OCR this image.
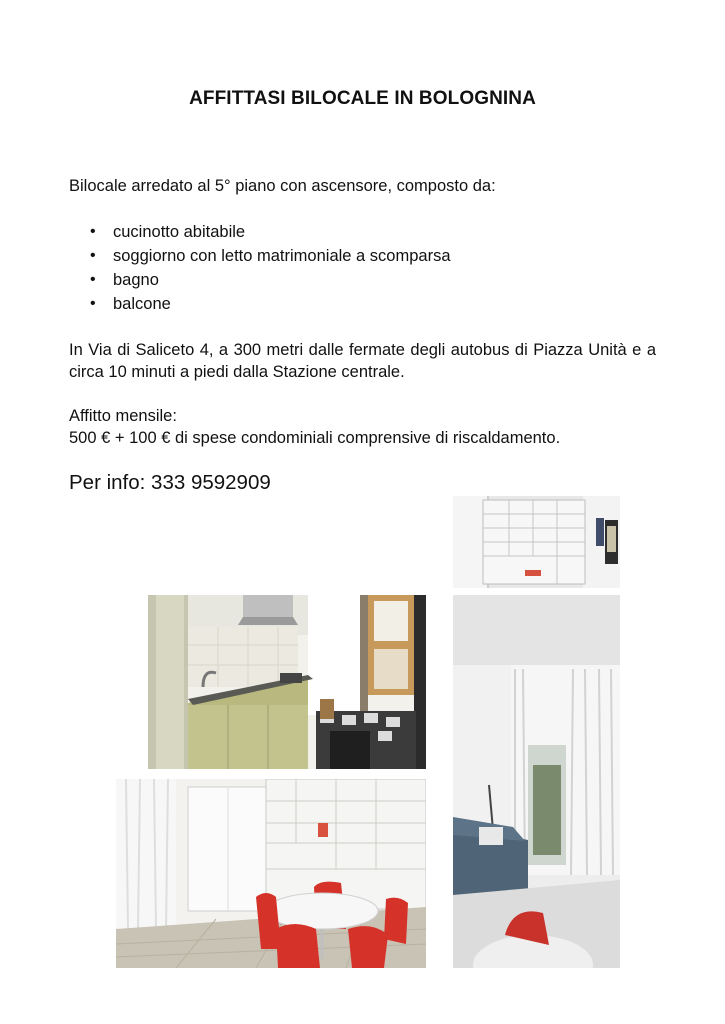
AFFITTASI BILOCALE IN BOLOGNINA
Bilocale arredato al 5° piano con ascensore, composto da:
• cucinotto abitabile
• soggiorno con letto matrimoniale a scomparsa
• bagno
• balcone
In Via di Saliceto 4, a 300 metri dalle fermate degli autobus di Piazza Unità e a circa 10 minuti a piedi dalla Stazione centrale.
Affitto mensile:
500 € + 100 € di spese condominiali comprensive di riscaldamento.
Per info: 333 9592909
